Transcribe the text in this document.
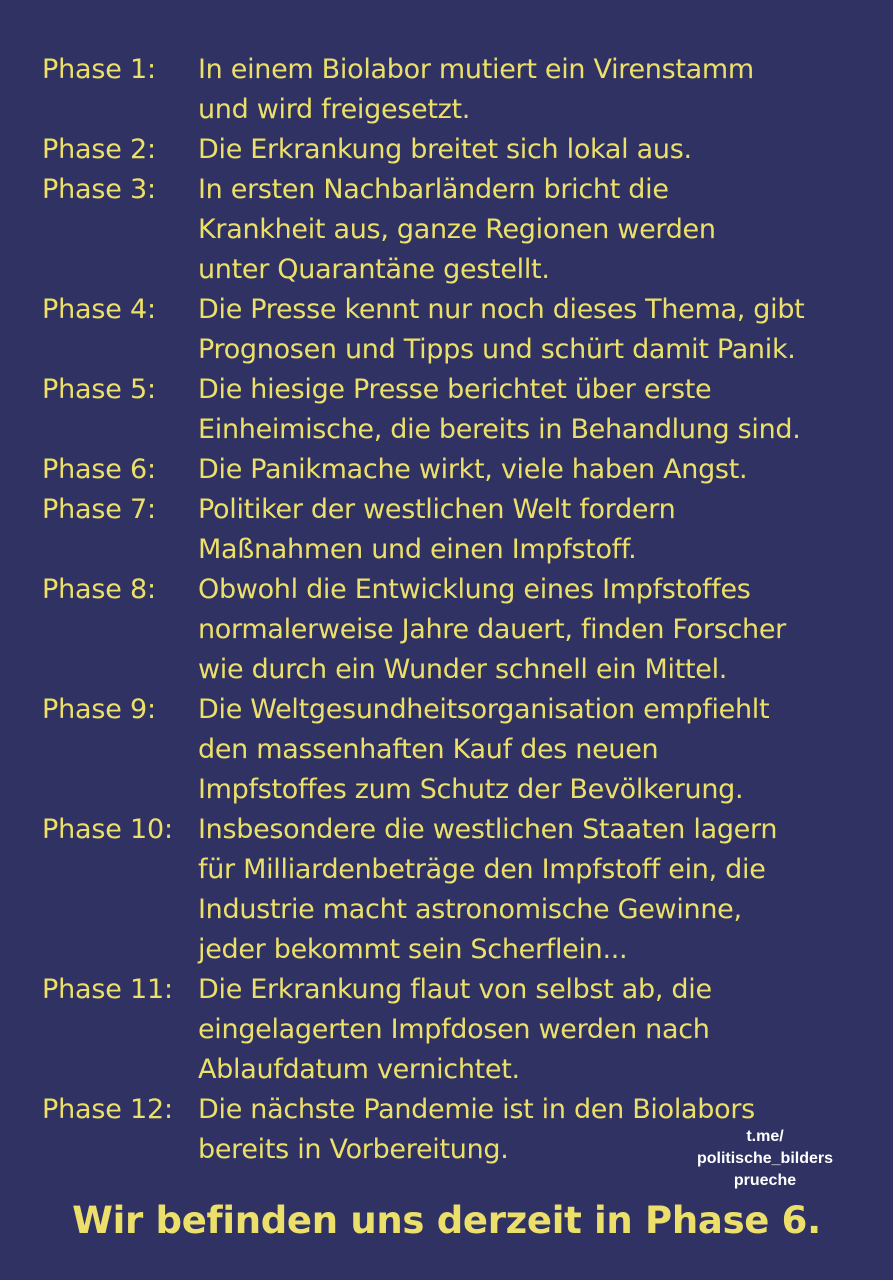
Phase 1:	In einem Biolabor mutiert ein Virenstamm
und wird freigesetzt.
Phase 2:	Die Erkrankung breitet sich lokal aus.
Phase 3:	In ersten Nachbarländern bricht die
Krankheit aus, ganze Regionen werden
unter Quarantäne gestellt.
Phase 4:	Die Presse kennt nur noch dieses Thema, gibt
Prognosen und Tipps und schürt damit Panik.
Phase 5:	Die hiesige Presse berichtet über erste
Einheimische, die bereits in Behandlung sind.
Phase 6:	Die Panikmache wirkt, viele haben Angst.
Phase 7:	Politiker der westlichen Welt fordern
Maßnahmen und einen Impfstoff.
Phase 8:	Obwohl die Entwicklung eines Impfstoffes
normalerweise Jahre dauert, finden Forscher
wie durch ein Wunder schnell ein Mittel.
Phase 9:	Die Weltgesundheitsorganisation empfiehlt
den massenhaften Kauf des neuen
Impfstoffes zum Schutz der Bevölkerung.
Phase 10: Insbesondere die westlichen Staaten lagern
für Milliardenbeträge den Impfstoff ein, die
Industrie macht astronomische Gewinne,
jeder bekommt sein Scherflein...
Phase 11: Die Erkrankung flaut von selbst ab, die
eingelagerten Impfdosen werden nach
Ablaufdatum vernichtet.
Phase 12: Die nächste Pandemie ist in den Biolabors
bereits in Vorbereitung.	t.me/
politische_bilders
prueche
Wir befinden uns derzeit in Phase 6.
